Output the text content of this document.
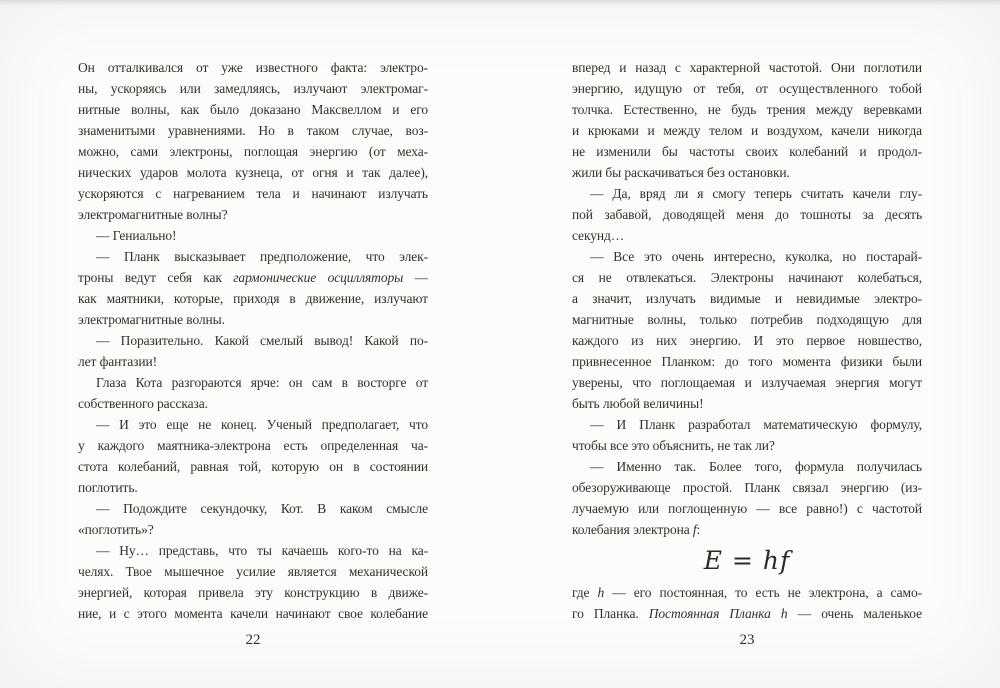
Он отталкивался от уже известного факта: электро-
ны, ускоряясь или замедляясь, излучают электромаг-
нитные волны, как было доказано Максвеллом и его
знаменитыми уравнениями. Но в таком случае, воз-
можно, сами электроны, поглощая энергию (от меха-
нических ударов молота кузнеца, от огня и так далее),
ускоряются с нагреванием тела и начинают излучать
электромагнитные волны?
— Гениально!
— Планк высказывает предположение, что элек-
троны ведут себя как гармонические осцилляторы —
как маятники, которые, приходя в движение, излучают
электромагнитные волны.
— Поразительно. Какой смелый вывод! Какой по-
лет фантазии!
Глаза Кота разгораются ярче: он сам в восторге от
собственного рассказа.
— И это еще не конец. Ученый предполагает, что
у каждого маятника-электрона есть определенная ча-
стота колебаний, равная той, которую он в состоянии
поглотить.
— Подождите секундочку, Кот. В каком смысле
«поглотить»?
— Ну… представь, что ты качаешь кого-то на ка-
челях. Твое мышечное усилие является механической
энергией, которая привела эту конструкцию в движе-
ние, и с этого момента качели начинают свое колебание
вперед и назад с характерной частотой. Они поглотили
энергию, идущую от тебя, от осуществленного тобой
толчка. Естественно, не будь трения между веревками
и крюками и между телом и воздухом, качели никогда
не изменили бы частоты своих колебаний и продол-
жили бы раскачиваться без остановки.
— Да, вряд ли я смогу теперь считать качели глу-
пой забавой, доводящей меня до тошноты за десять
секунд…
— Все это очень интересно, куколка, но постарай-
ся не отвлекаться. Электроны начинают колебаться,
а значит, излучать видимые и невидимые электро-
магнитные волны, только потребив подходящую для
каждого из них энергию. И это первое новшество,
привнесенное Планком: до того момента физики были
уверены, что поглощаемая и излучаемая энергия могут
быть любой величины!
— И Планк разработал математическую формулу,
чтобы все это объяснить, не так ли?
— Именно так. Более того, формула получилась
обезоруживающе простой. Планк связал энергию (из-
лучаемую или поглощенную — все равно!) с частотой
колебания электрона f:
E = hf
где h — его постоянная, то есть не электрона, а само-
го Планка. Постоянная Планка h — очень маленькое
22	23
